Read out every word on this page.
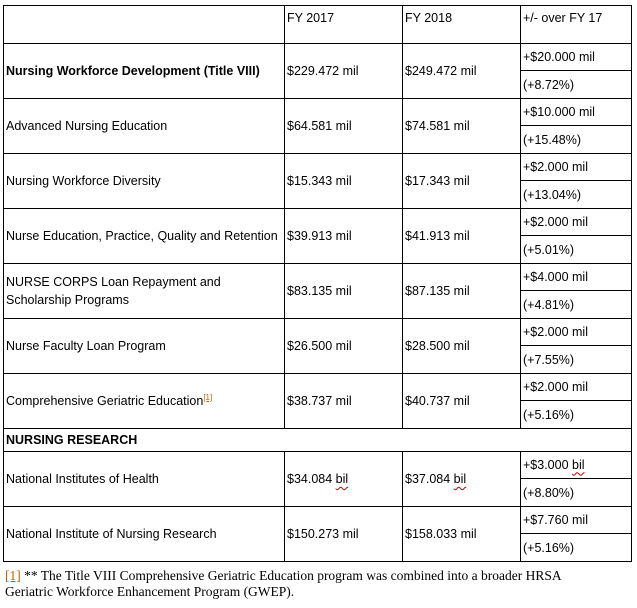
	FY 2017	FY 2018	+/- over FY 17
Nursing Workforce Development (Title VIII)	$229.472 mil	$249.472 mil	+$20.000 mil
(+8.72%)

Advanced Nursing Education	$64.581 mil	$74.581 mil	+$10.000 mil
(+15.48%)

Nursing Workforce Diversity	$15.343 mil	$17.343 mil	+$2.000 mil
(+13.04%)

Nurse Education, Practice, Quality and Retention	$39.913 mil	$41.913 mil	+$2.000 mil
(+5.01%)

NURSE CORPS Loan Repayment and Scholarship Programs	$83.135 mil	$87.135 mil	+$4.000 mil
(+4.81%)

Nurse Faculty Loan Program	$26.500 mil	$28.500 mil	+$2.000 mil
(+7.55%)

Comprehensive Geriatric Education[1]	$38.737 mil	$40.737 mil	+$2.000 mil
(+5.16%)

NURSING RESEARCH			
National Institutes of Health	$34.084 bil	$37.084 bil	+$3.000 bil
(+8.80%)

National Institute of Nursing Research	$150.273 mil	$158.033 mil	+$7.760 mil
(+5.16%)
[1] ** The Title VIII Comprehensive Geriatric Education program was combined into a broader HRSA Geriatric Workforce Enhancement Program (GWEP).
